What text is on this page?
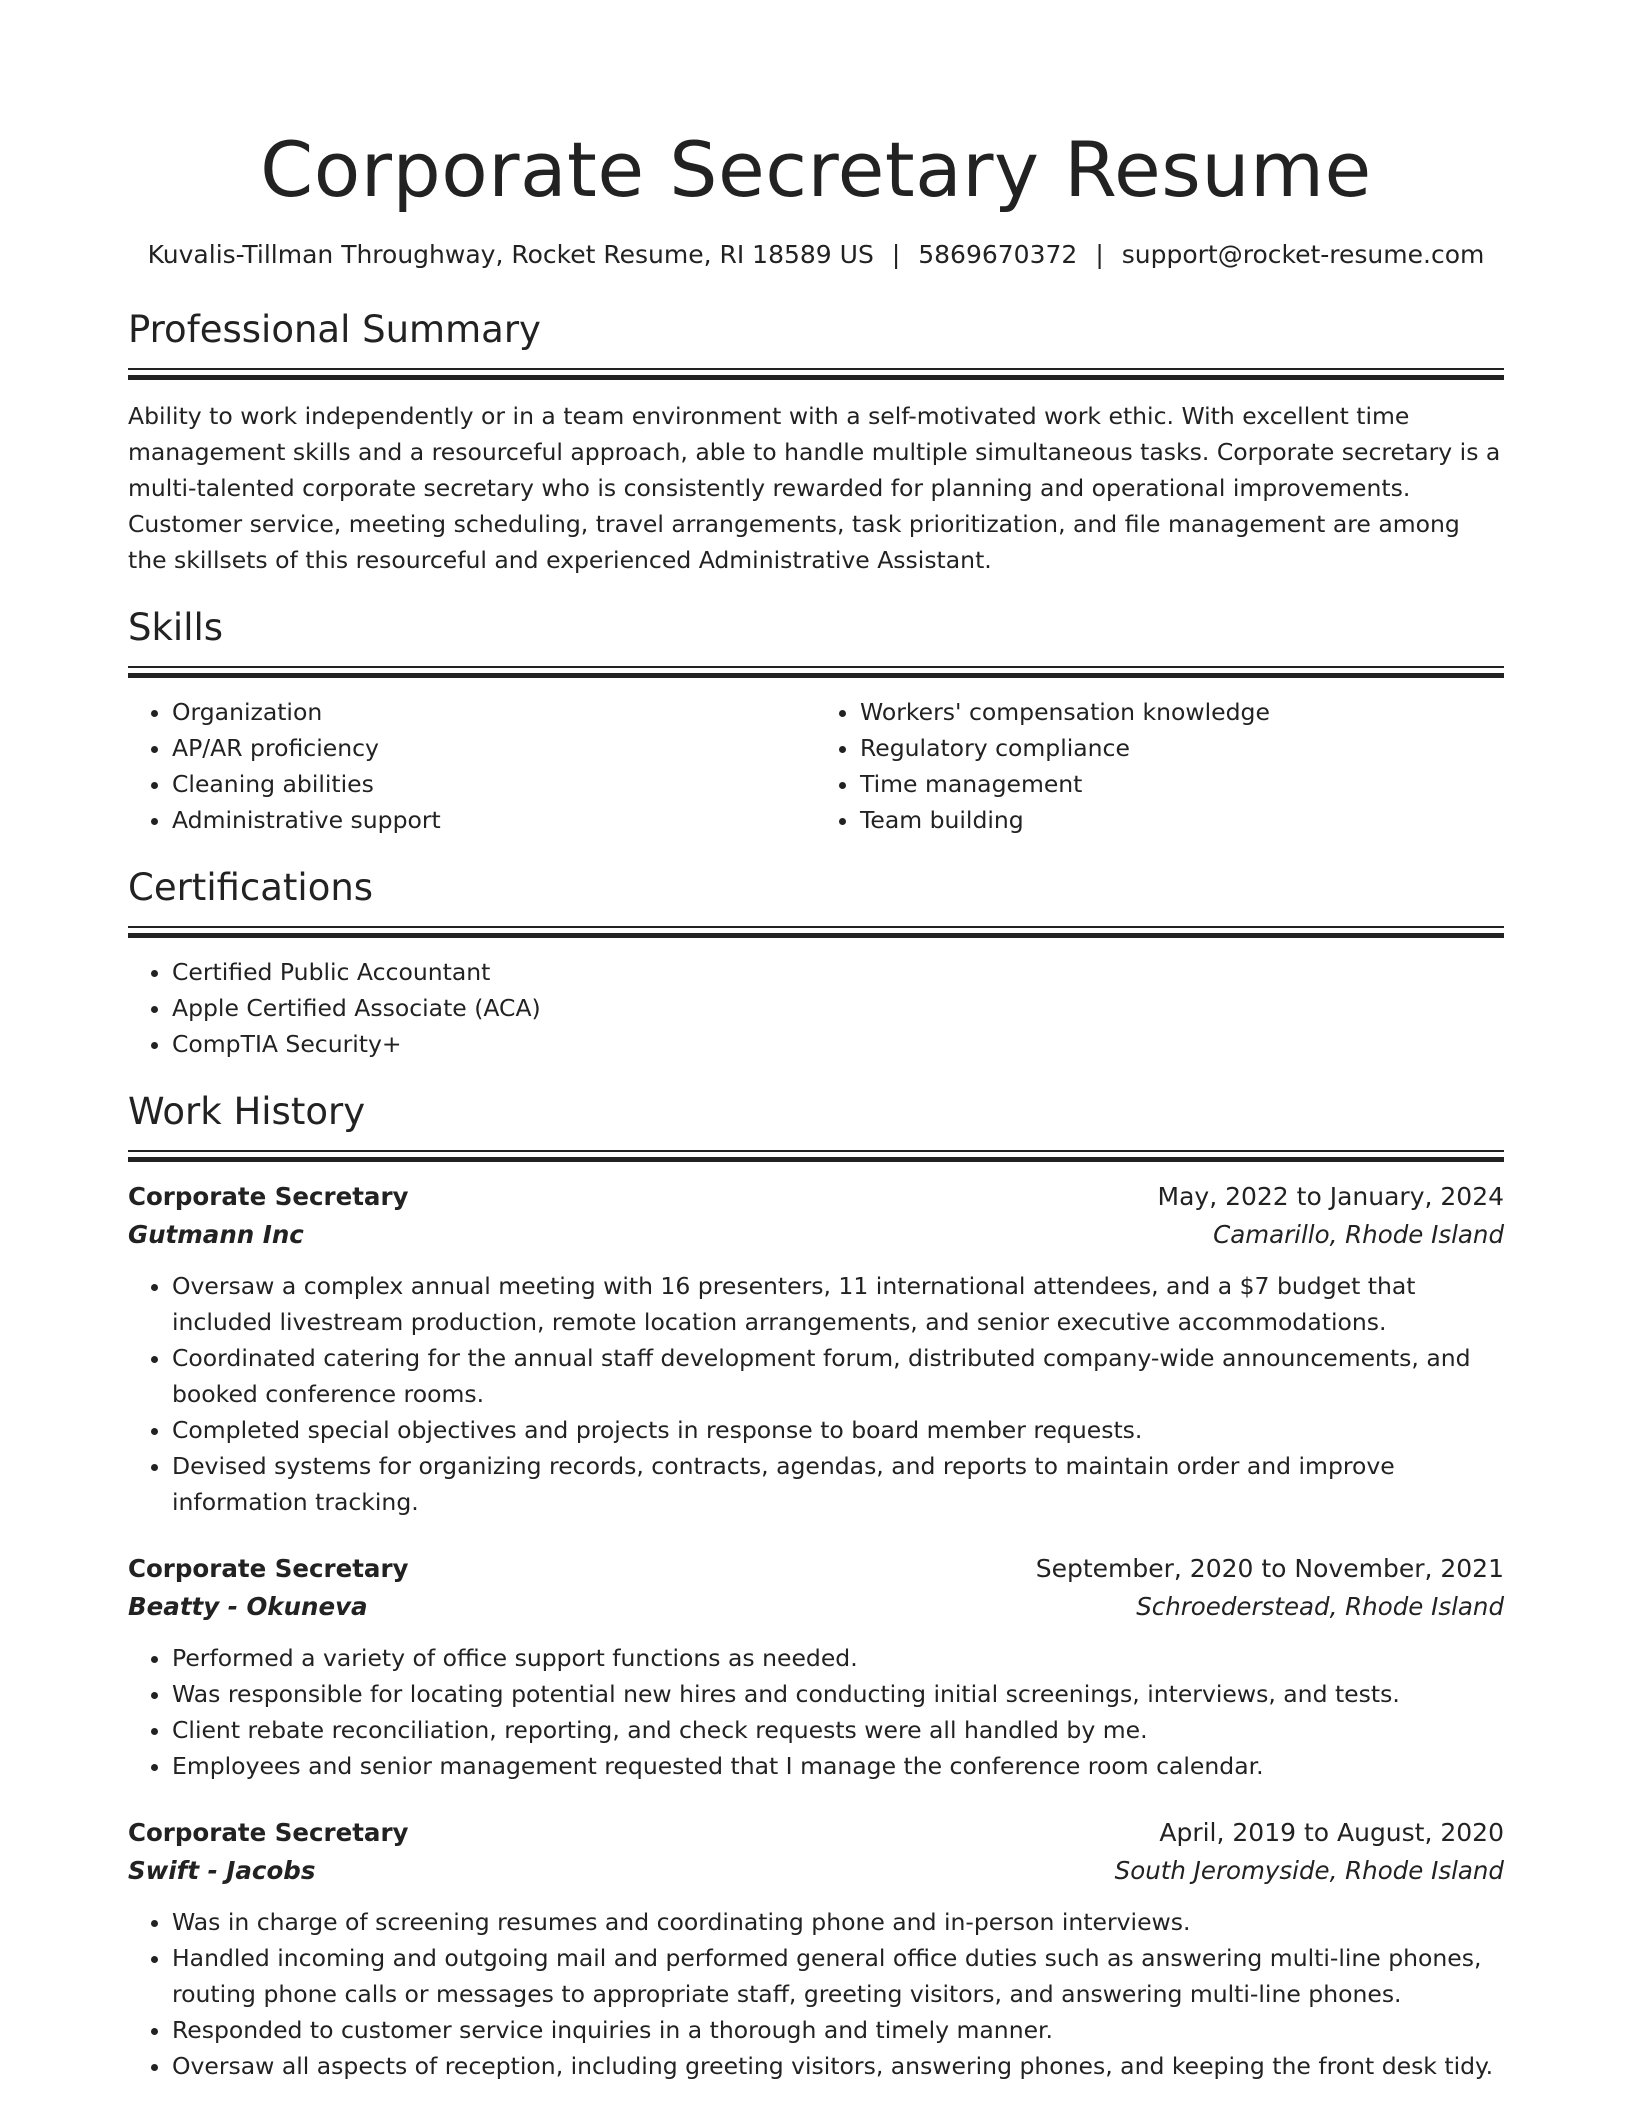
Corporate Secretary Resume
Kuvalis-Tillman Throughway, Rocket Resume, RI 18589 US | 5869670372 | support@rocket-resume.com
Professional Summary
Ability to work independently or in a team environment with a self-motivated work ethic. With excellent time management skills and a resourceful approach, able to handle multiple simultaneous tasks. Corporate secretary is a multi-talented corporate secretary who is consistently rewarded for planning and operational improvements. Customer service, meeting scheduling, travel arrangements, task prioritization, and file management are among the skillsets of this resourceful and experienced Administrative Assistant.
Skills
• Organization
• AP/AR proficiency
• Cleaning abilities
• Administrative support
• Workers' compensation knowledge
• Regulatory compliance
• Time management
• Team building
Certifications
• Certified Public Accountant
• Apple Certified Associate (ACA)
• CompTIA Security+
Work History
Corporate Secretary	May, 2022 to January, 2024
Gutmann Inc	Camarillo, Rhode Island
• Oversaw a complex annual meeting with 16 presenters, 11 international attendees, and a $7 budget that included livestream production, remote location arrangements, and senior executive accommodations.
• Coordinated catering for the annual staff development forum, distributed company-wide announcements, and booked conference rooms.
• Completed special objectives and projects in response to board member requests.
• Devised systems for organizing records, contracts, agendas, and reports to maintain order and improve information tracking.
Corporate Secretary	September, 2020 to November, 2021
Beatty - Okuneva	Schroederstead, Rhode Island
• Performed a variety of office support functions as needed.
• Was responsible for locating potential new hires and conducting initial screenings, interviews, and tests.
• Client rebate reconciliation, reporting, and check requests were all handled by me.
• Employees and senior management requested that I manage the conference room calendar.
Corporate Secretary	April, 2019 to August, 2020
Swift - Jacobs	South Jeromyside, Rhode Island
• Was in charge of screening resumes and coordinating phone and in-person interviews.
• Handled incoming and outgoing mail and performed general office duties such as answering multi-line phones, routing phone calls or messages to appropriate staff, greeting visitors, and answering multi-line phones.
• Responded to customer service inquiries in a thorough and timely manner.
• Oversaw all aspects of reception, including greeting visitors, answering phones, and keeping the front desk tidy.
